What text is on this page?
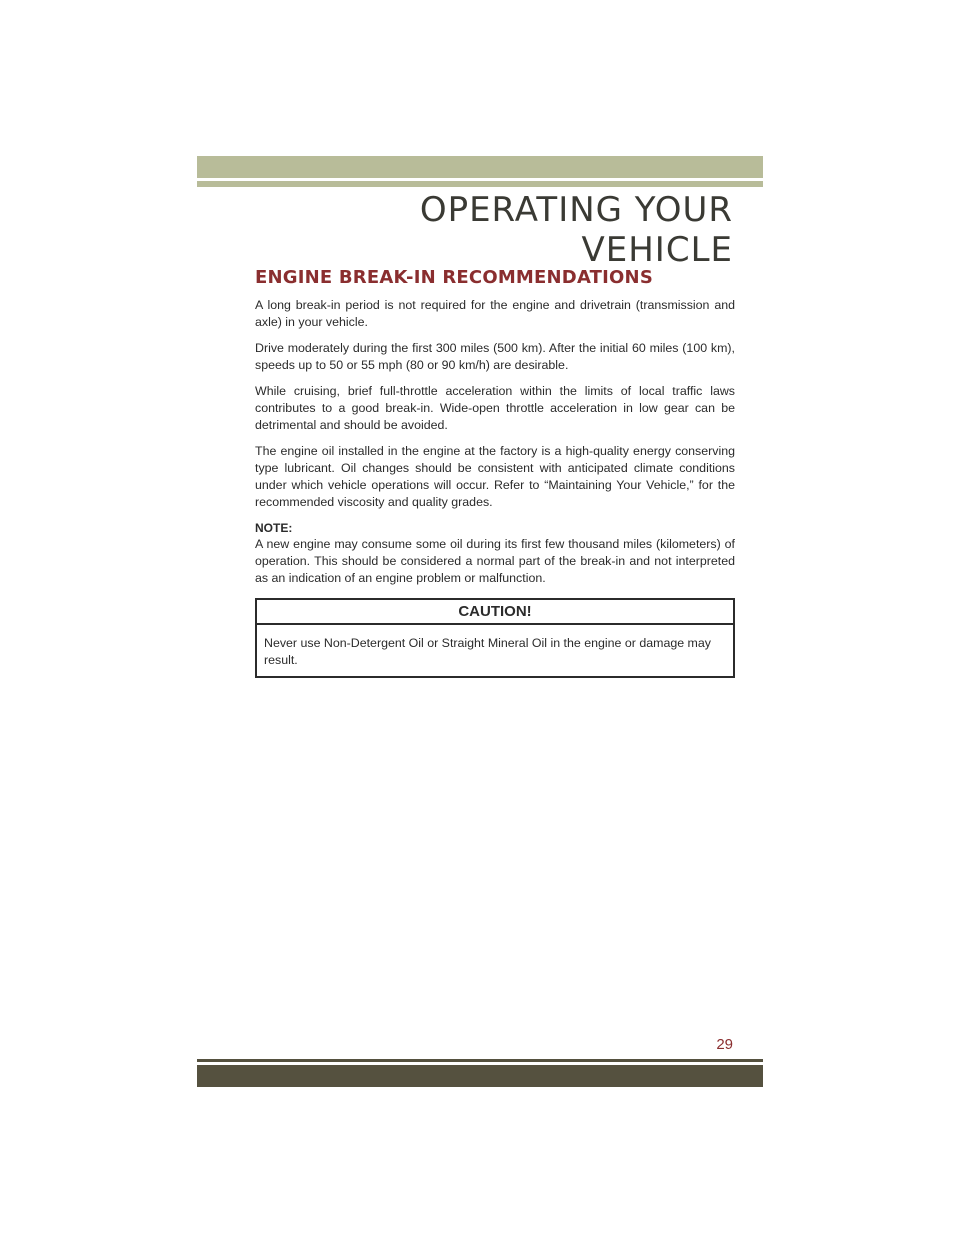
OPERATING YOUR VEHICLE
ENGINE BREAK-IN RECOMMENDATIONS

A long break-in period is not required for the engine and drivetrain (transmission and axle) in your vehicle.

Drive moderately during the first 300 miles (500 km). After the initial 60 miles (100 km), speeds up to 50 or 55 mph (80 or 90 km/h) are desirable.

While cruising, brief full-throttle acceleration within the limits of local traffic laws contributes to a good break-in. Wide-open throttle acceleration in low gear can be detrimental and should be avoided.

The engine oil installed in the engine at the factory is a high-quality energy conserving type lubricant. Oil changes should be consistent with anticipated climate conditions under which vehicle operations will occur. Refer to “Maintaining Your Vehicle,” for the recommended viscosity and quality grades.

NOTE:

A new engine may consume some oil during its first few thousand miles (kilometers) of operation. This should be considered a normal part of the break-in and not interpreted as an indication of an engine problem or malfunction.

CAUTION!
Never use Non-Detergent Oil or Straight Mineral Oil in the engine or damage may result.
29
